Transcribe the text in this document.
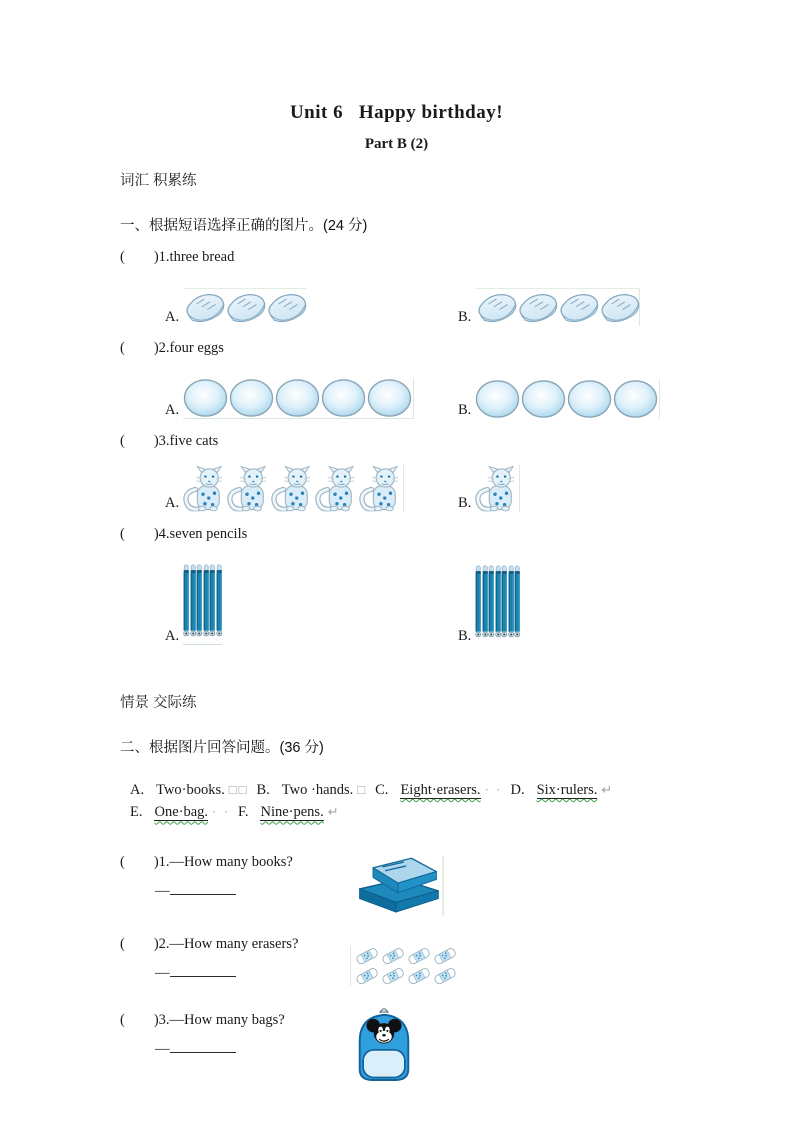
Unit 6   Happy birthday!
Part B (2)
词汇 积累练
一、根据短语选择正确的图片。(24 分)
(        )1.three bread
A.	B.
(        )2.four eggs
A.	B.
(        )3.five cats
A.	B.
(        )4.seven pencils
A.	B.
情景 交际练
二、根据图片回答问题。(36 分)
A. Two·books. □□ B. Two ·hands. □ C. Eight·erasers. · · D. Six·rulers. ↵
E. One·bag. · · F. Nine·pens. ↵
(        )1.—How many books?
—
(        )2.—How many erasers?
—
(        )3.—How many bags?
—
